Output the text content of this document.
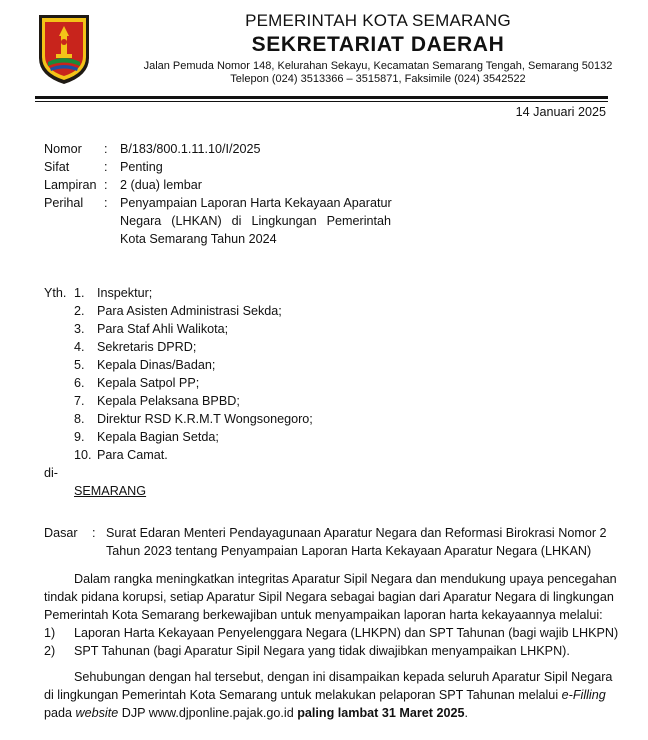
PEMERINTAH KOTA SEMARANG
SEKRETARIAT DAERAH
Jalan Pemuda Nomor 148, Kelurahan Sekayu, Kecamatan Semarang Tengah, Semarang 50132
Telepon (024) 3513366 – 3515871, Faksimile (024) 3542522
14 Januari 2025
Nomor : B/183/800.1.11.10/I/2025
Sifat	: Penting
Lampiran : 2 (dua) lembar
Perihal : Penyampaian Laporan Harta Kekayaan Aparatur
Negara (LHKAN) di Lingkungan Pemerintah
Kota Semarang Tahun 2024
Yth. 1. Inspektur;
2. Para Asisten Administrasi Sekda;
3. Para Staf Ahli Walikota;
4. Sekretaris DPRD;
5. Kepala Dinas/Badan;
6. Kepala Satpol PP;
7. Kepala Pelaksana BPBD;
8. Direktur RSD K.R.M.T Wongsonegoro;
9. Kepala Bagian Setda;
10. Para Camat.
di-
SEMARANG
Dasar : Surat Edaran Menteri Pendayagunaan Aparatur Negara dan Reformasi Birokrasi Nomor 2
Tahun 2023 tentang Penyampaian Laporan Harta Kekayaan Aparatur Negara (LHKAN)
Dalam rangka meningkatkan integritas Aparatur Sipil Negara dan mendukung upaya pencegahan
tindak pidana korupsi, setiap Aparatur Sipil Negara sebagai bagian dari Aparatur Negara di lingkungan
Pemerintah Kota Semarang berkewajiban untuk menyampaikan laporan harta kekayaannya melalui:
1) Laporan Harta Kekayaan Penyelenggara Negara (LHKPN) dan SPT Tahunan (bagi wajib LHKPN)
2) SPT Tahunan (bagi Aparatur Sipil Negara yang tidak diwajibkan menyampaikan LHKPN).
Sehubungan dengan hal tersebut, dengan ini disampaikan kepada seluruh Aparatur Sipil Negara
di lingkungan Pemerintah Kota Semarang untuk melakukan pelaporan SPT Tahunan melalui e-Filling
pada website DJP www.djponline.pajak.go.id paling lambat 31 Maret 2025.
